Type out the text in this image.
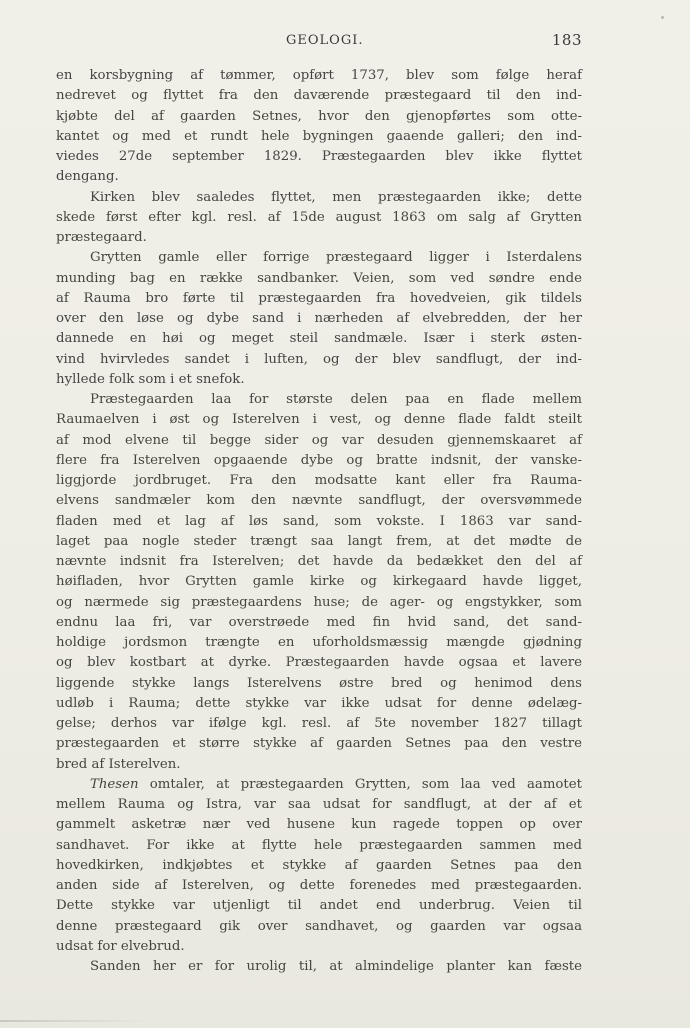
GEOLOGI.	183
en korsbygning af tømmer, opført 1737, blev som følge heraf
nedrevet og flyttet fra den daværende præstegaard til den ind-
kjøbte del af gaarden Setnes, hvor den gjenopførtes som otte-
kantet og med et rundt hele bygningen gaaende galleri; den ind-
viedes 27de september 1829. Præstegaarden blev ikke flyttet
dengang.
Kirken blev saaledes flyttet, men præstegaarden ikke; dette
skede først efter kgl. resl. af 15de august 1863 om salg af Grytten
præstegaard.
Grytten gamle eller forrige præstegaard ligger i Isterdalens
munding bag en række sandbanker. Veien, som ved søndre ende
af Rauma bro førte til præstegaarden fra hovedveien, gik tildels
over den løse og dybe sand i nærheden af elvebredden, der her
dannede en høi og meget steil sandmæle. Især i sterk østen-
vind hvirvledes sandet i luften, og der blev sandflugt, der ind-
hyllede folk som i et snefok.
Præstegaarden laa for største delen paa en flade mellem
Raumaelven i øst og Isterelven i vest, og denne flade faldt steilt
af mod elvene til begge sider og var desuden gjennemskaaret af
flere fra Isterelven opgaaende dybe og bratte indsnit, der vanske-
liggjorde jordbruget. Fra den modsatte kant eller fra Rauma-
elvens sandmæler kom den nævnte sandflugt, der oversvømmede
fladen med et lag af løs sand, som vokste. I 1863 var sand-
laget paa nogle steder trængt saa langt frem, at det mødte de
nævnte indsnit fra Isterelven; det havde da bedækket den del af
høifladen, hvor Grytten gamle kirke og kirkegaard havde ligget,
og nærmede sig præstegaardens huse; de ager- og engstykker, som
endnu laa fri, var overstrøede med fin hvid sand, det sand-
holdige jordsmon trængte en uforholdsmæssig mængde gjødning
og blev kostbart at dyrke. Præstegaarden havde ogsaa et lavere
liggende stykke langs Isterelvens østre bred og henimod dens
udløb i Rauma; dette stykke var ikke udsat for denne ødelæg-
gelse; derhos var ifølge kgl. resl. af 5te november 1827 tillagt
præstegaarden et større stykke af gaarden Setnes paa den vestre
bred af Isterelven.
Thesen omtaler, at præstegaarden Grytten, som laa ved aamotet
mellem Rauma og Istra, var saa udsat for sandflugt, at der af et
gammelt asketræ nær ved husene kun ragede toppen op over
sandhavet. For ikke at flytte hele præstegaarden sammen med
hovedkirken, indkjøbtes et stykke af gaarden Setnes paa den
anden side af Isterelven, og dette forenedes med præstegaarden.
Dette stykke var utjenligt til andet end underbrug. Veien til
denne præstegaard gik over sandhavet, og gaarden var ogsaa
udsat for elvebrud.
Sanden her er for urolig til, at almindelige planter kan fæste
